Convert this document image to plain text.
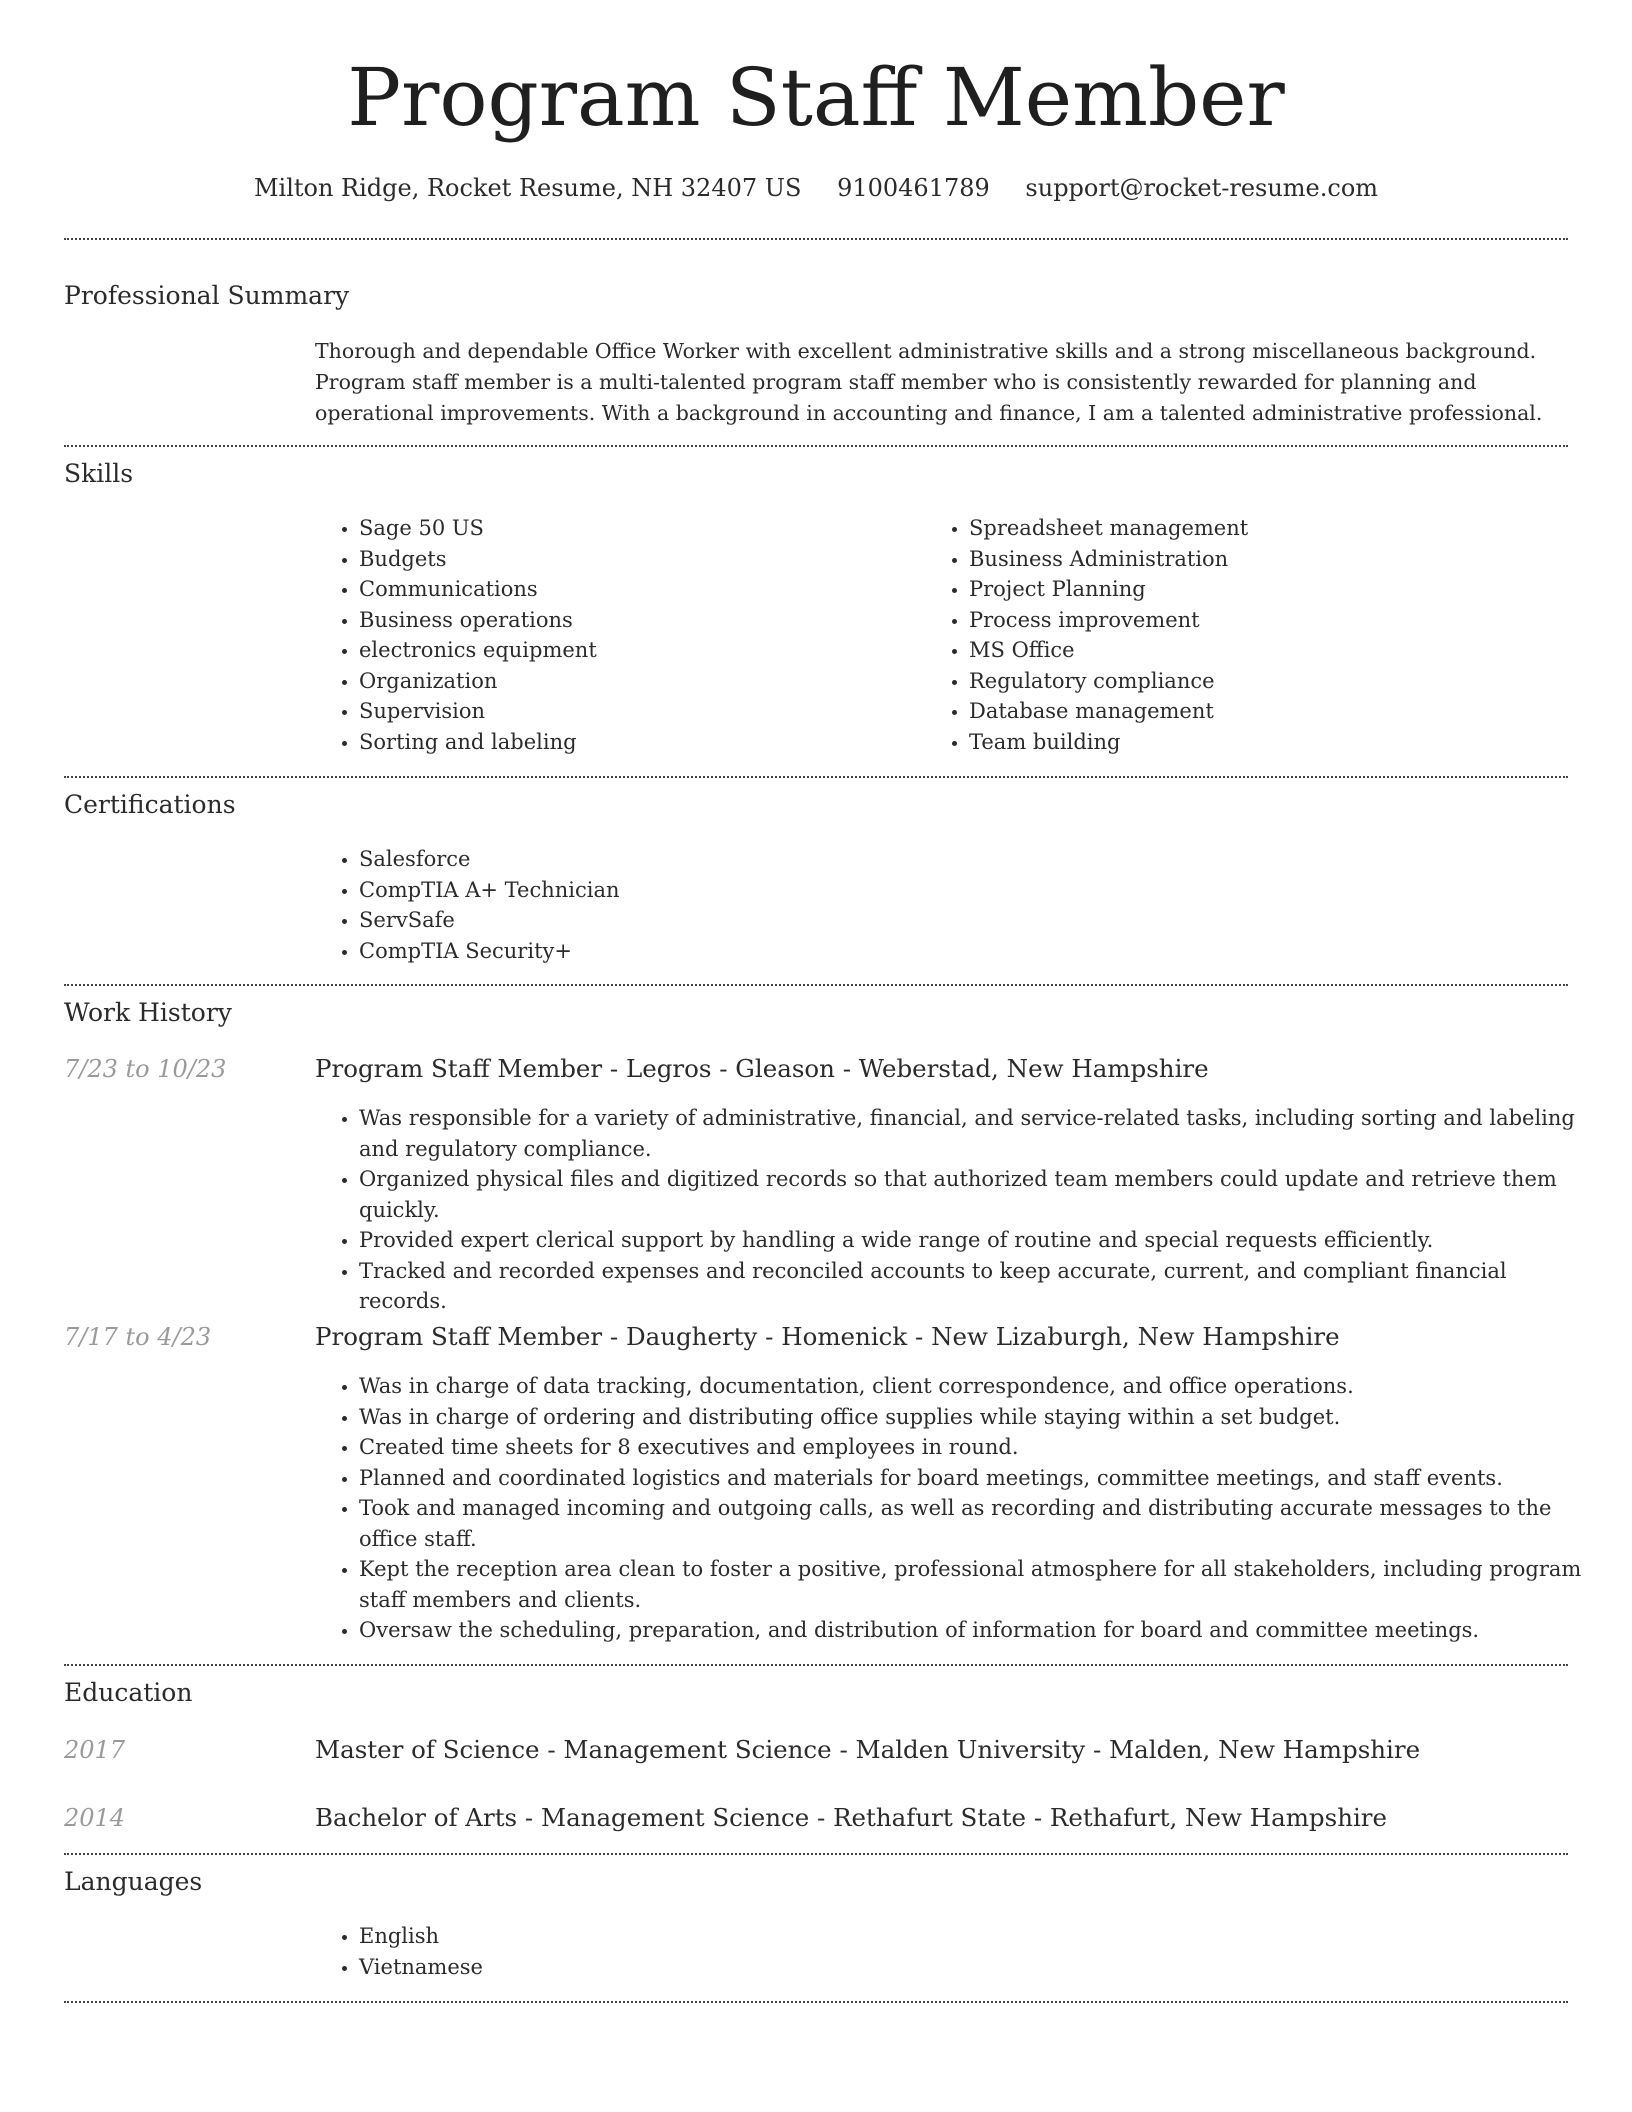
Program Staff Member
Milton Ridge, Rocket Resume, NH 32407 US 9100461789 support@rocket-resume.com
Professional Summary
Thorough and dependable Office Worker with excellent administrative skills and a strong miscellaneous background. Program staff member is a multi-talented program staff member who is consistently rewarded for planning and operational improvements. With a background in accounting and finance, I am a talented administrative professional.
Skills
• Sage 50 US
• Budgets
• Communications
• Business operations
• electronics equipment
• Organization
• Supervision
• Sorting and labeling
• Spreadsheet management
• Business Administration
• Project Planning
• Process improvement
• MS Office
• Regulatory compliance
• Database management
• Team building
Certifications
• Salesforce
• CompTIA A+ Technician
• ServSafe
• CompTIA Security+
Work History
7/23 to 10/23	Program Staff Member - Legros - Gleason - Weberstad, New Hampshire
• Was responsible for a variety of administrative, financial, and service-related tasks, including sorting and labeling and regulatory compliance.
• Organized physical files and digitized records so that authorized team members could update and retrieve them quickly.
• Provided expert clerical support by handling a wide range of routine and special requests efficiently.
• Tracked and recorded expenses and reconciled accounts to keep accurate, current, and compliant financial records.
7/17 to 4/23	Program Staff Member - Daugherty - Homenick - New Lizaburgh, New Hampshire
• Was in charge of data tracking, documentation, client correspondence, and office operations.
• Was in charge of ordering and distributing office supplies while staying within a set budget.
• Created time sheets for 8 executives and employees in round.
• Planned and coordinated logistics and materials for board meetings, committee meetings, and staff events.
• Took and managed incoming and outgoing calls, as well as recording and distributing accurate messages to the office staff.
• Kept the reception area clean to foster a positive, professional atmosphere for all stakeholders, including program staff members and clients.
• Oversaw the scheduling, preparation, and distribution of information for board and committee meetings.
Education
2017	Master of Science - Management Science - Malden University - Malden, New Hampshire
2014	Bachelor of Arts - Management Science - Rethafurt State - Rethafurt, New Hampshire
Languages
• English
• Vietnamese
